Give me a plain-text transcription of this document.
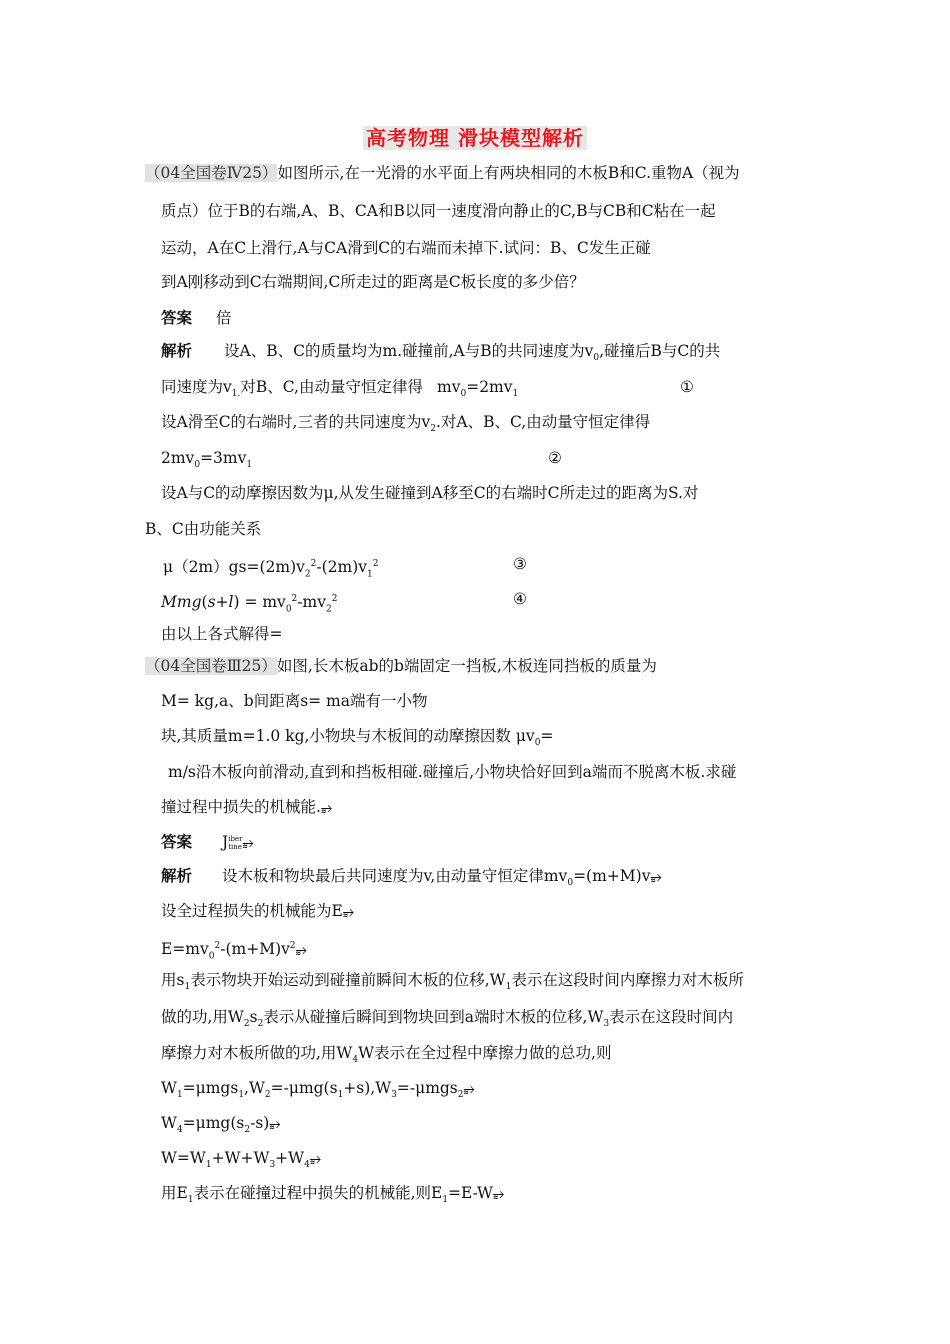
高考物理 滑块模型解析
（04全国卷Ⅳ25）如图所示,在一光滑的水平面上有两块相同的木板B和C.重物A（视为
质点）位于B的右端,A、B、CA和B以同一速度滑向静止的C,B与CB和C粘在一起
运动，A在C上滑行,A与CA滑到C的右端而未掉下.试问：B、C发生正碰
到A刚移动到C右端期间,C所走过的距离是C板长度的多少倍？
答案 倍
解析 设A、B、C的质量均为m.碰撞前,A与B的共同速度为$v_0$,碰撞后B与C的共
同速度为$v_{1.}$对B、C,由动量守恒定律得 $mv_0=2mv_1$	①
设A滑至C的右端时,三者的共同速度为$v_2$.对A、B、C,由动量守恒定律得
$2mv_0=3mv_1$	②
设A与C的动摩擦因数为μ,从发生碰撞到A移至C的右端时C所走过的距离为S.对
B、C由功能关系
$\mu(2m)gs=(2m)v_2^2-(2m)v_1^2$	③
$Mmg(s+l) = mv_0^2-mv_2^2$	④
由以上各式解得=
（04全国卷Ⅲ25）如图,长木板ab的b端固定一挡板,木板连同挡板的质量为
M= kg,a、b间距离s= ma端有一小物
块,其质量m=1.0 kg,小物块与木板间的动摩擦因数 $\mu v_0=$
m/s沿木板向前滑动,直到和挡板相碰.碰撞后,小物块恰好回到a端而不脱离木板.求碰
撞过程中损失的机械能.⥵
答案 Jiber
tine⥵
解析 设木板和物块最后共同速度为v,由动量守恒定律$mv_0=(m+M)v⥵$
设全过程损失的机械能为E⥵
$E=mv_0^2-(m+M)v^2⥵$
用$s_1$表示物块开始运动到碰撞前瞬间木板的位移$,W_1$表示在这段时间内摩擦力对木板所
做的功,用$W_2s_2$表示从碰撞后瞬间到物块回到a端时木板的位移$,W_3$表示在这段时间内
摩擦力对木板所做的功,用$W_4W$表示在全过程中摩擦力做的总功,则
$W_1=\mu mgs_1,W_2=-\mu mg(s_1+s),W_3=-\mu mgs_2⥵$
$W_4=\mu mg(s_2-s)⥵$
$W=W_1+W+W_3+W_4⥵$
用$E_1$表示在碰撞过程中损失的机械能,则$E_1=E-W⥵$
